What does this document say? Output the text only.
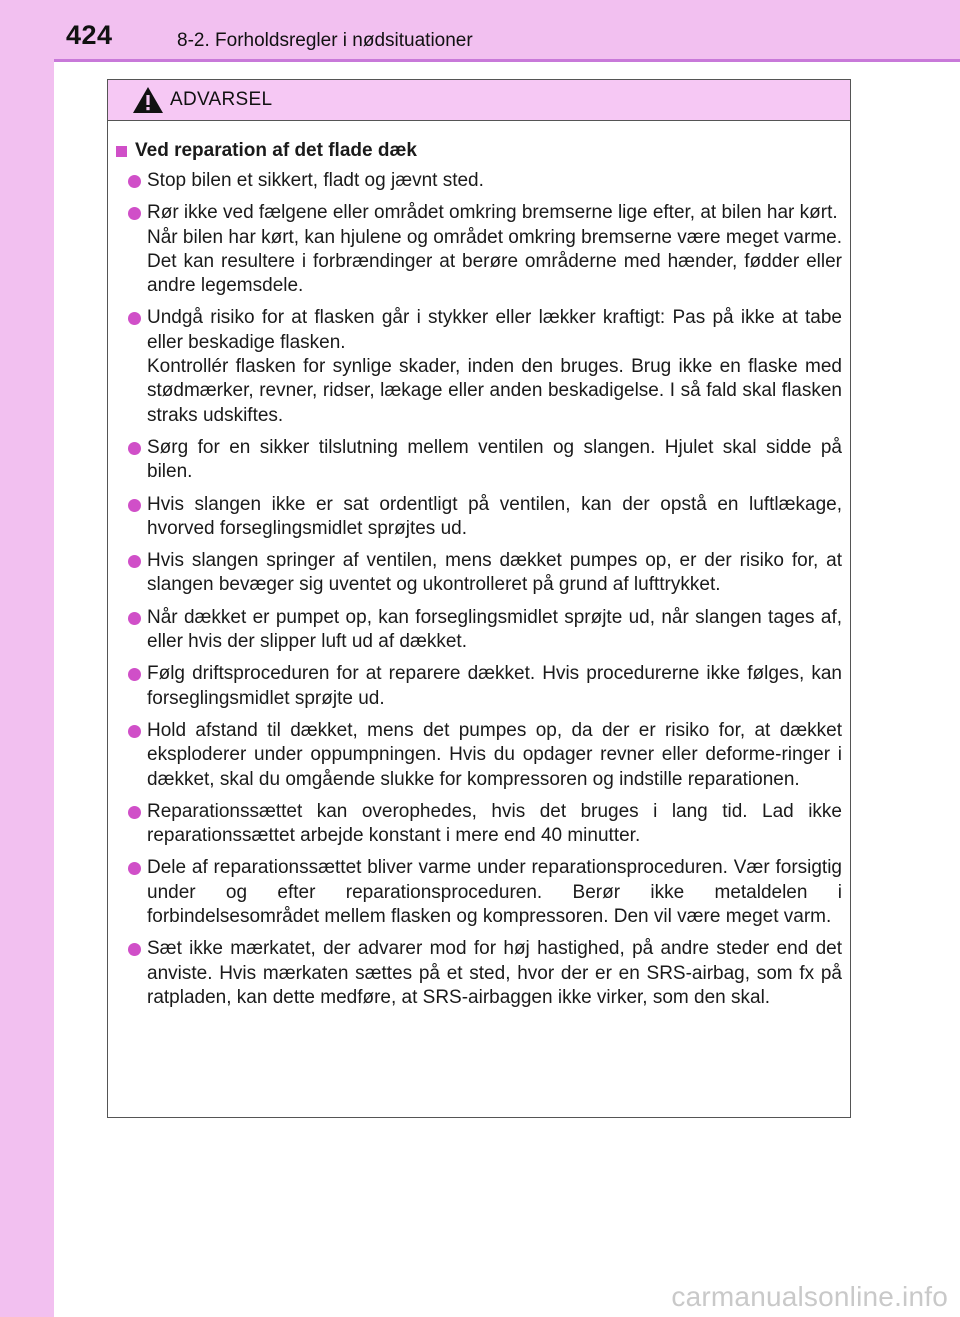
424	8-2. Forholdsregler i nødsituationer
ADVARSEL
Ved reparation af det flade dæk
Stop bilen et sikkert, fladt og jævnt sted.
Rør ikke ved fælgene eller området omkring bremserne lige efter, at bilen har kørt.
Når bilen har kørt, kan hjulene og området omkring bremserne være meget varme. Det kan resultere i forbrændinger at berøre områderne med hænder, fødder eller andre legemsdele.
Undgå risiko for at flasken går i stykker eller lækker kraftigt: Pas på ikke at tabe eller beskadige flasken.
Kontrollér flasken for synlige skader, inden den bruges. Brug ikke en flaske med stødmærker, revner, ridser, lækage eller anden beskadigelse. I så fald skal flasken straks udskiftes.
Sørg for en sikker tilslutning mellem ventilen og slangen. Hjulet skal sidde på bilen.
Hvis slangen ikke er sat ordentligt på ventilen, kan der opstå en luftlækage, hvorved forseglingsmidlet sprøjtes ud.
Hvis slangen springer af ventilen, mens dækket pumpes op, er der risiko for, at slangen bevæger sig uventet og ukontrolleret på grund af lufttrykket.
Når dækket er pumpet op, kan forseglingsmidlet sprøjte ud, når slangen tages af, eller hvis der slipper luft ud af dækket.
Følg driftsproceduren for at reparere dækket. Hvis procedurerne ikke følges, kan forseglingsmidlet sprøjte ud.
Hold afstand til dækket, mens det pumpes op, da der er risiko for, at dækket eksploderer under oppumpningen. Hvis du opdager revner eller deforme-ringer i dækket, skal du omgående slukke for kompressoren og indstille reparationen.
Reparationssættet kan overophedes, hvis det bruges i lang tid. Lad ikke reparationssættet arbejde konstant i mere end 40 minutter.
Dele af reparationssættet bliver varme under reparationsproceduren. Vær forsigtig under og efter reparationsproceduren. Berør ikke metaldelen i forbindelsesområdet mellem flasken og kompressoren. Den vil være meget varm.
Sæt ikke mærkatet, der advarer mod for høj hastighed, på andre steder end det anviste. Hvis mærkaten sættes på et sted, hvor der er en SRS-airbag, som fx på ratpladen, kan dette medføre, at SRS-airbaggen ikke virker, som den skal.
carmanualsonline.info
